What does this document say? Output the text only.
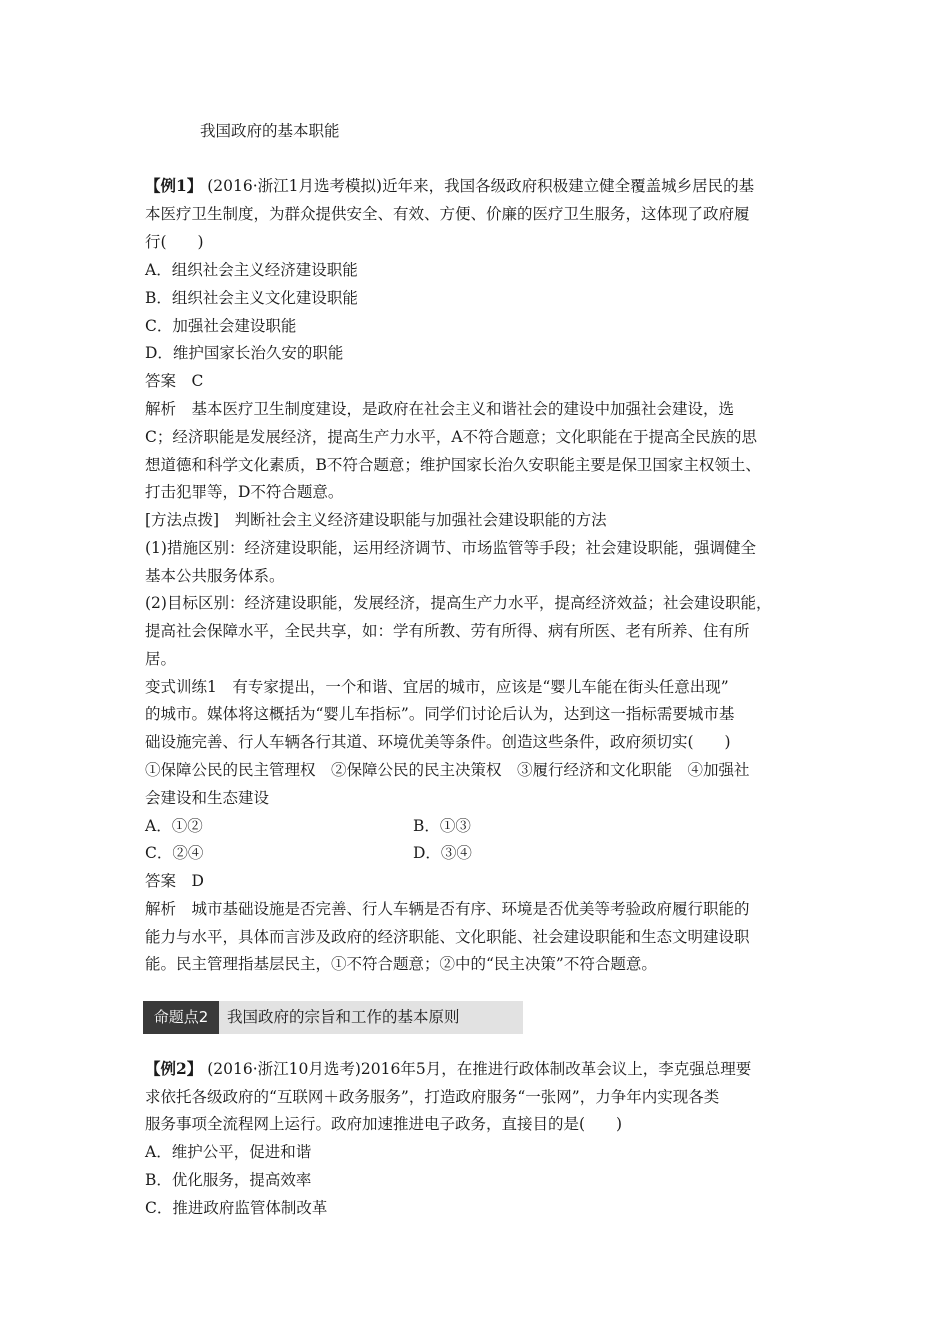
我国政府的基本职能
【例1】 (2016·浙江1月选考模拟)近年来，我国各级政府积极建立健全覆盖城乡居民的基
本医疗卫生制度，为群众提供安全、有效、方便、价廉的医疗卫生服务，这体现了政府履
行(　　)
A．组织社会主义经济建设职能
B．组织社会主义文化建设职能
C．加强社会建设职能
D．维护国家长治久安的职能
答案　C
解析　基本医疗卫生制度建设，是政府在社会主义和谐社会的建设中加强社会建设，选
C；经济职能是发展经济，提高生产力水平，A不符合题意；文化职能在于提高全民族的思
想道德和科学文化素质，B不符合题意；维护国家长治久安职能主要是保卫国家主权领土、
打击犯罪等，D不符合题意。
[方法点拨]　判断社会主义经济建设职能与加强社会建设职能的方法
(1)措施区别：经济建设职能，运用经济调节、市场监管等手段；社会建设职能，强调健全
基本公共服务体系。
(2)目标区别：经济建设职能，发展经济，提高生产力水平，提高经济效益；社会建设职能，
提高社会保障水平，全民共享，如：学有所教、劳有所得、病有所医、老有所养、住有所
居。
变式训练1　有专家提出，一个和谐、宜居的城市，应该是“婴儿车能在街头任意出现”
的城市。媒体将这概括为“婴儿车指标”。同学们讨论后认为，达到这一指标需要城市基
础设施完善、行人车辆各行其道、环境优美等条件。创造这些条件，政府须切实(　　)
①保障公民的民主管理权　②保障公民的民主决策权　③履行经济和文化职能　④加强社
会建设和生态建设
A．①②	B．①③
C．②④	D．③④
答案　D
解析　城市基础设施是否完善、行人车辆是否有序、环境是否优美等考验政府履行职能的
能力与水平，具体而言涉及政府的经济职能、文化职能、社会建设职能和生态文明建设职
能。民主管理指基层民主，①不符合题意；②中的“民主决策”不符合题意。
命题点2	我国政府的宗旨和工作的基本原则
【例2】 (2016·浙江10月选考)2016年5月，在推进行政体制改革会议上，李克强总理要
求依托各级政府的“互联网＋政务服务”，打造政府服务“一张网”，力争年内实现各类
服务事项全流程网上运行。政府加速推进电子政务，直接目的是(　　)
A．维护公平，促进和谐
B．优化服务，提高效率
C．推进政府监管体制改革
